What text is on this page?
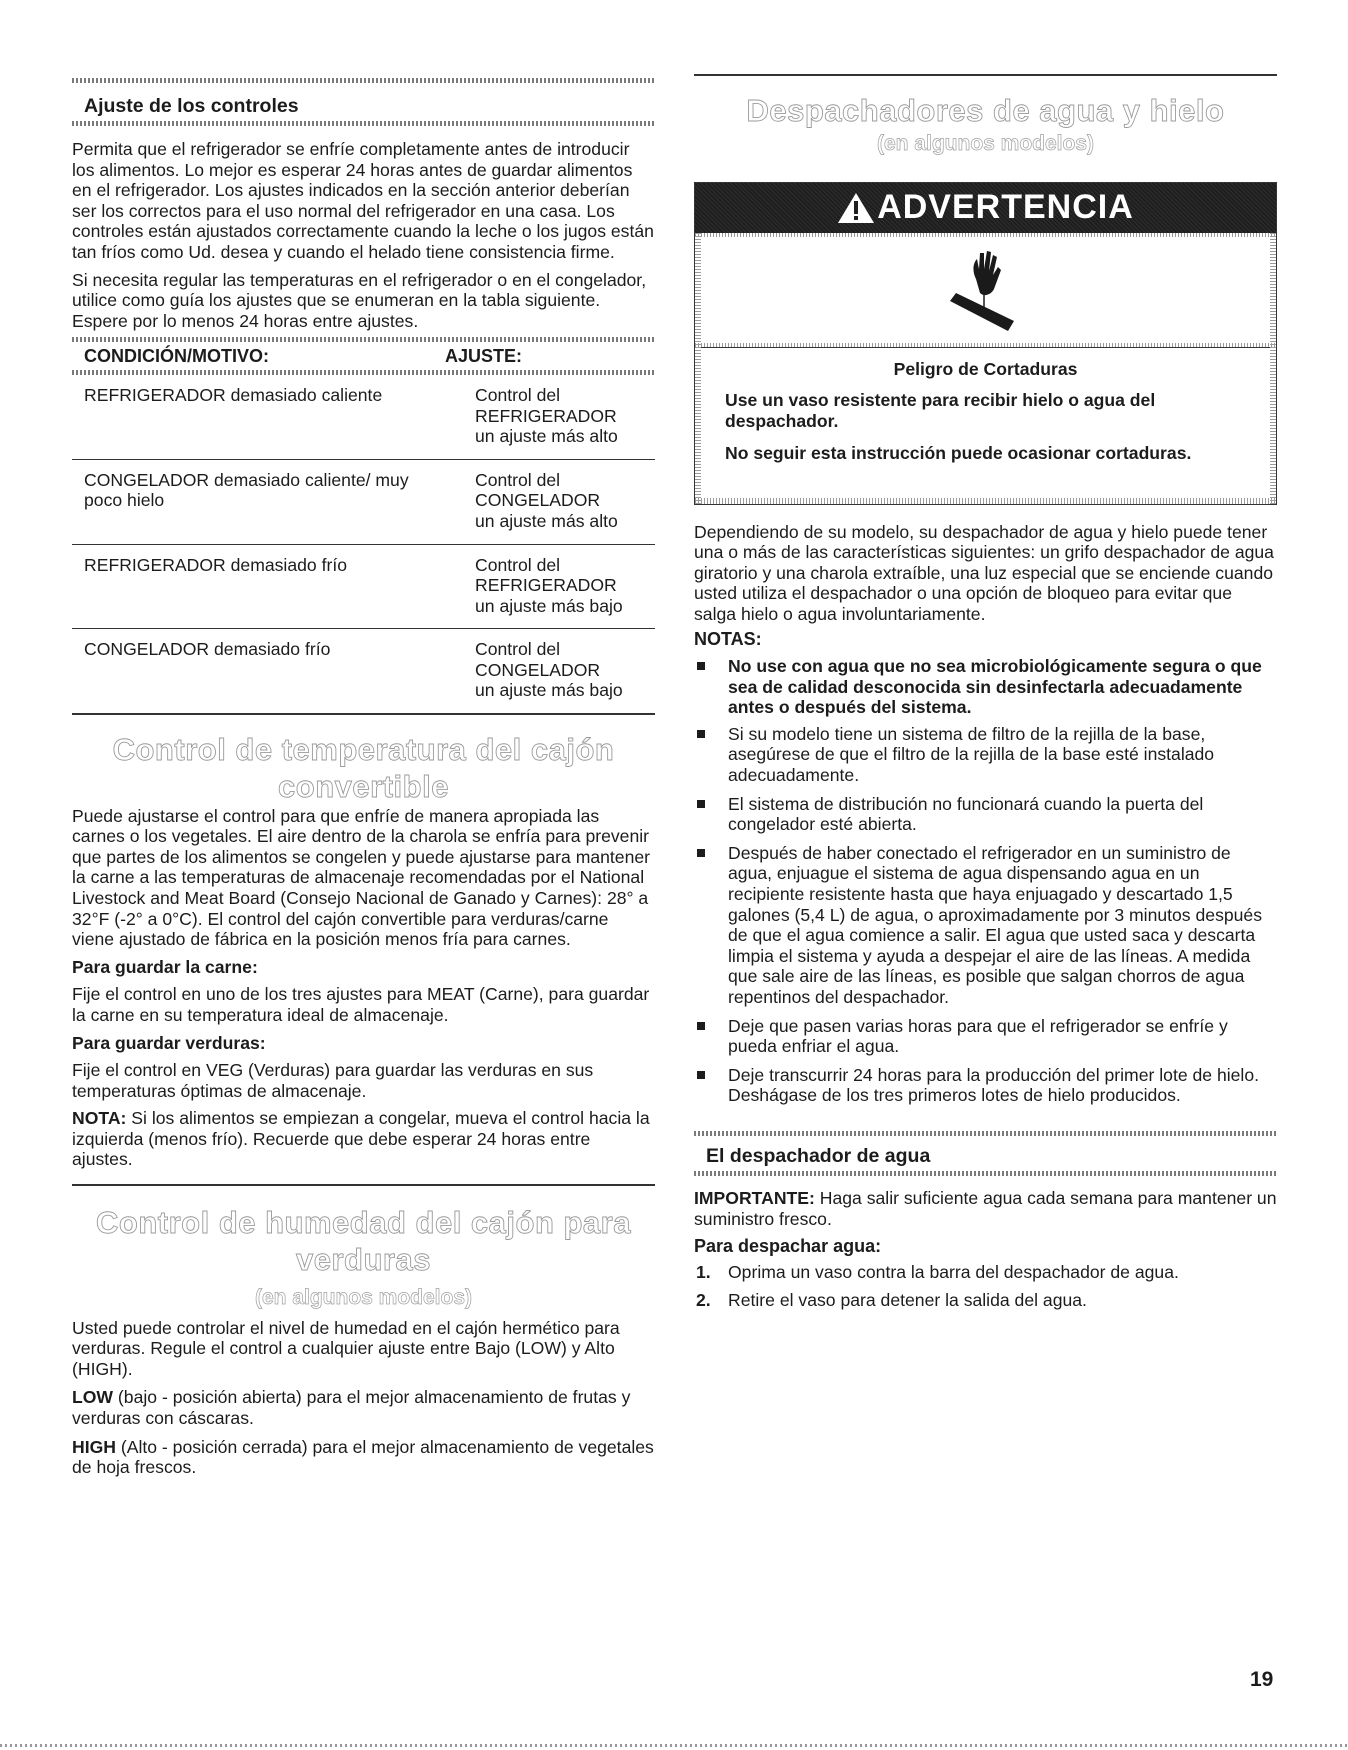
Ajuste de los controles

Permita que el refrigerador se enfríe completamente antes de introducir los alimentos. Lo mejor es esperar 24 horas antes de guardar alimentos en el refrigerador. Los ajustes indicados en la sección anterior deberían ser los correctos para el uso normal del refrigerador en una casa. Los controles están ajustados correctamente cuando la leche o los jugos están tan fríos como Ud. desea y cuando el helado tiene consistencia firme.

Si necesita regular las temperaturas en el refrigerador o en el congelador, utilice como guía los ajustes que se enumeran en la tabla siguiente. Espere por lo menos 24 horas entre ajustes.

CONDICIÓN/MOTIVO:	AJUSTE:
REFRIGERADOR demasiado caliente	Control del
REFRIGERADOR
un ajuste más alto

CONGELADOR demasiado caliente/ muy poco hielo	Control del
CONGELADOR
un ajuste más alto

REFRIGERADOR demasiado frío	Control del
REFRIGERADOR
un ajuste más bajo

CONGELADOR demasiado frío	Control del
CONGELADOR
un ajuste más bajo
Control de temperatura del cajón
convertible

Puede ajustarse el control para que enfríe de manera apropiada las carnes o los vegetales. El aire dentro de la charola se enfría para prevenir que partes de los alimentos se congelen y puede ajustarse para mantener la carne a las temperaturas de almacenaje recomendadas por el National Livestock and Meat Board (Consejo Nacional de Ganado y Carnes): 28° a 32°F (-2° a 0°C). El control del cajón convertible para verduras/carne viene ajustado de fábrica en la posición menos fría para carnes.

Para guardar la carne:

Fije el control en uno de los tres ajustes para MEAT (Carne), para guardar la carne en su temperatura ideal de almacenaje.

Para guardar verduras:

Fije el control en VEG (Verduras) para guardar las verduras en sus temperaturas óptimas de almacenaje.

NOTA: Si los alimentos se empiezan a congelar, mueva el control hacia la izquierda (menos frío). Recuerde que debe esperar 24 horas entre ajustes.

Control de humedad del cajón para
verduras
(en algunos modelos)

Usted puede controlar el nivel de humedad en el cajón hermético para verduras. Regule el control a cualquier ajuste entre Bajo (LOW) y Alto (HIGH).

LOW (bajo - posición abierta) para el mejor almacenamiento de frutas y verduras con cáscaras.

HIGH (Alto - posición cerrada) para el mejor almacenamiento de vegetales de hoja frescos.

Despachadores de agua y hielo
(en algunos modelos)
ADVERTENCIA
Peligro de Cortaduras
Use un vaso resistente para recibir hielo o agua del despachador.
No seguir esta instrucción puede ocasionar cortaduras.

Dependiendo de su modelo, su despachador de agua y hielo puede tener una o más de las características siguientes: un grifo despachador de agua giratorio y una charola extraíble, una luz especial que se enciende cuando usted utiliza el despachador o una opción de bloqueo para evitar que salga hielo o agua involuntariamente.

NOTAS:

No use con agua que no sea microbiológicamente segura o que sea de calidad desconocida sin desinfectarla adecuadamente antes o después del sistema.
Si su modelo tiene un sistema de filtro de la rejilla de la base, asegúrese de que el filtro de la rejilla de la base esté instalado adecuadamente.
El sistema de distribución no funcionará cuando la puerta del congelador esté abierta.
Después de haber conectado el refrigerador en un suministro de agua, enjuague el sistema de agua dispensando agua en un recipiente resistente hasta que haya enjuagado y descartado 1,5 galones (5,4 L) de agua, o aproximadamente por 3 minutos después de que el agua comience a salir. El agua que usted saca y descarta limpia el sistema y ayuda a despejar el aire de las líneas. A medida que sale aire de las líneas, es posible que salgan chorros de agua repentinos del despachador.
Deje que pasen varias horas para que el refrigerador se enfríe y pueda enfriar el agua.
Deje transcurrir 24 horas para la producción del primer lote de hielo. Deshágase de los tres primeros lotes de hielo producidos.
El despachador de agua

IMPORTANTE: Haga salir suficiente agua cada semana para mantener un suministro fresco.

Para despachar agua:

1. Oprima un vaso contra la barra del despachador de agua.
2. Retire el vaso para detener la salida del agua.
19
